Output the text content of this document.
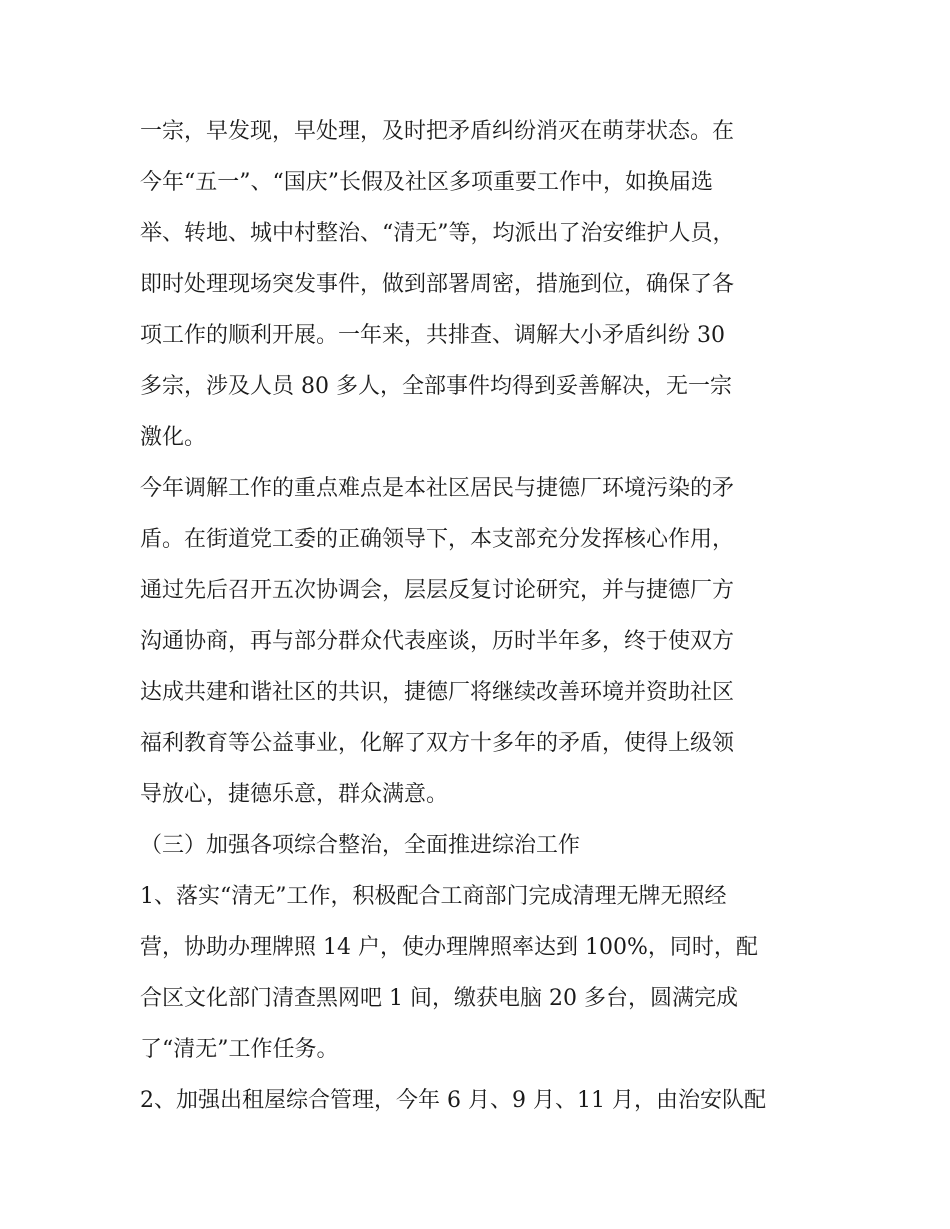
一宗，早发现，早处理，及时把矛盾纠纷消灭在萌芽状态。在
今年“五一”、“国庆”长假及社区多项重要工作中，如换届选
举、转地、城中村整治、“清无”等，均派出了治安维护人员，
即时处理现场突发事件，做到部署周密，措施到位，确保了各
项工作的顺利开展。一年来，共排查、调解大小矛盾纠纷 30
多宗，涉及人员 80 多人，全部事件均得到妥善解决，无一宗
激化。
今年调解工作的重点难点是本社区居民与捷德厂环境污染的矛
盾。在街道党工委的正确领导下，本支部充分发挥核心作用，
通过先后召开五次协调会，层层反复讨论研究，并与捷德厂方
沟通协商，再与部分群众代表座谈，历时半年多，终于使双方
达成共建和谐社区的共识，捷德厂将继续改善环境并资助社区
福利教育等公益事业，化解了双方十多年的矛盾，使得上级领
导放心，捷德乐意，群众满意。
（三）加强各项综合整治，全面推进综治工作
1、落实“清无”工作，积极配合工商部门完成清理无牌无照经
营，协助办理牌照 14 户，使办理牌照率达到 100%，同时，配
合区文化部门清查黑网吧 1 间，缴获电脑 20 多台，圆满完成
了“清无”工作任务。
2、加强出租屋综合管理，今年 6 月、9 月、11 月，由治安队配
